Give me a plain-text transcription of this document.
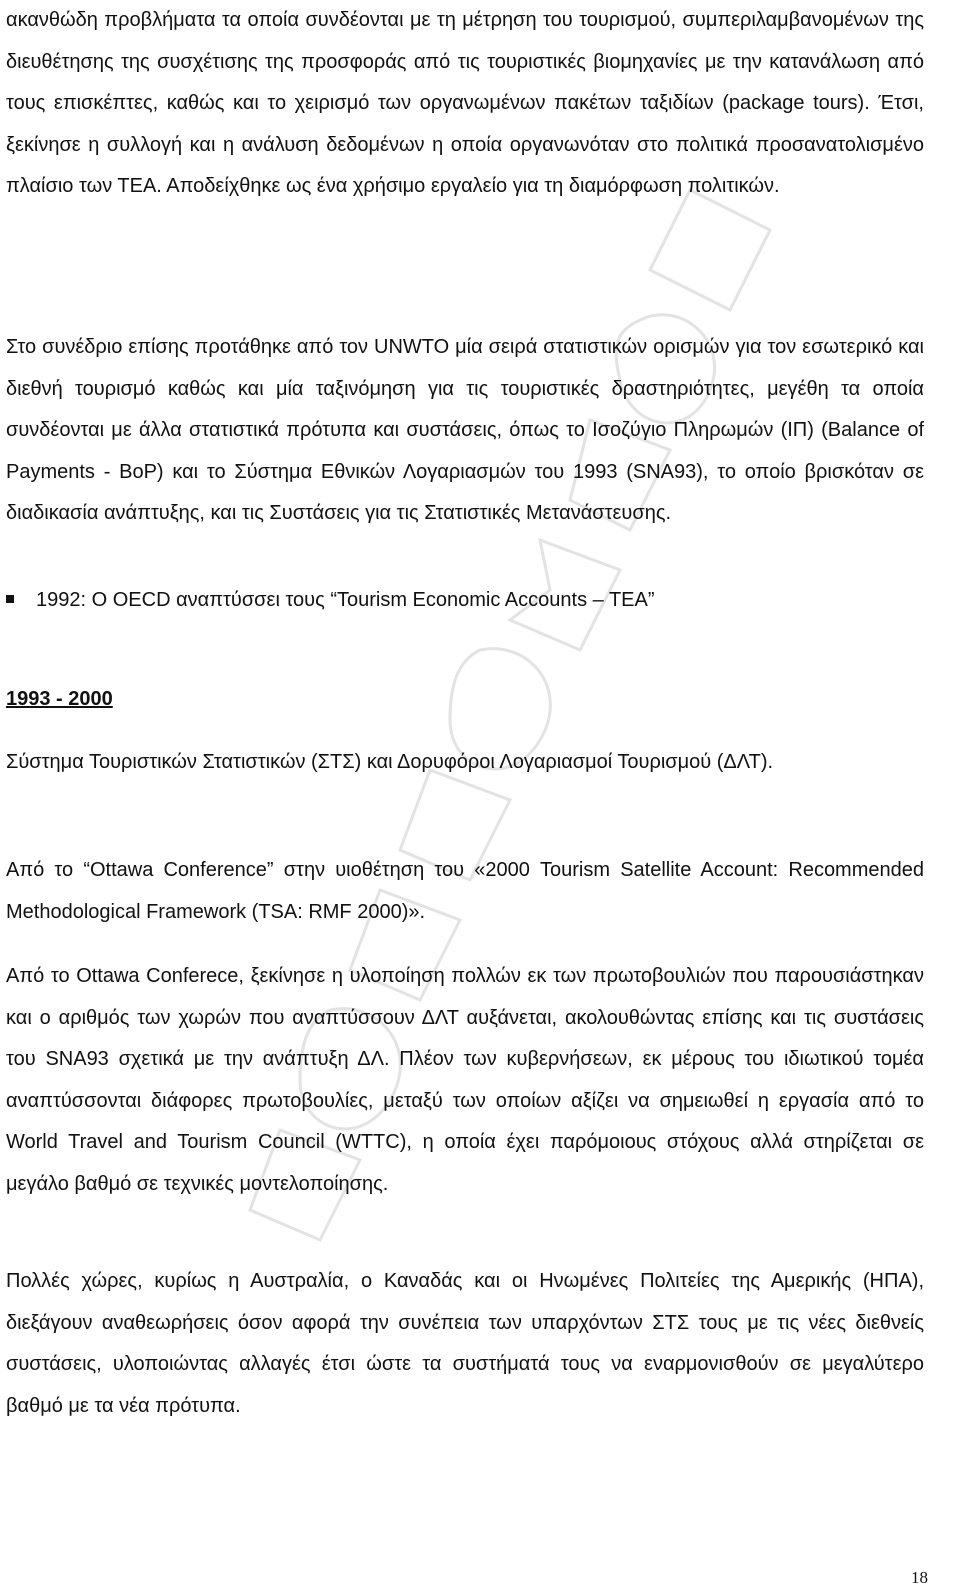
ακανθώδη προβλήματα τα οποία συνδέονται με τη μέτρηση του τουρισμού, συμπεριλαμβανομένων της διευθέτησης της συσχέτισης της προσφοράς από τις τουριστικές βιομηχανίες με την κατανάλωση από τους επισκέπτες, καθώς και το χειρισμό των οργανωμένων πακέτων ταξιδίων (package tours). Έτσι, ξεκίνησε η συλλογή και η ανάλυση δεδομένων η οποία οργανωνόταν στο πολιτικά προσανατολισμένο πλαίσιο των ΤΕΑ. Αποδείχθηκε ως ένα χρήσιμο εργαλείο για τη διαμόρφωση πολιτικών.

Στο συνέδριο επίσης προτάθηκε από τον UNWTO μία σειρά στατιστικών ορισμών για τον εσωτερικό και διεθνή τουρισμό καθώς και μία ταξινόμηση για τις τουριστικές δραστηριότητες, μεγέθη τα οποία συνδέονται με άλλα στατιστικά πρότυπα και συστάσεις, όπως το Ισοζύγιο Πληρωμών (ΙΠ) (Balance of Payments - BoP) και το Σύστημα Εθνικών Λογαριασμών του 1993 (SNA93), το οποίο βρισκόταν σε διαδικασία ανάπτυξης, και τις Συστάσεις για τις Στατιστικές Μετανάστευσης.

1992: Ο OECD αναπτύσσει τους “Tourism Economic Accounts – TEA”
1993 - 2000

Σύστημα Τουριστικών Στατιστικών (ΣΤΣ) και Δορυφόροι Λογαριασμοί Τουρισμού (ΔΛΤ).

Από το “Ottawa Conference” στην υιοθέτηση του «2000 Tourism Satellite Account: Recommended Methodological Framework (TSA: RMF 2000)».

Από το Ottawa Conferece, ξεκίνησε η υλοποίηση πολλών εκ των πρωτοβουλιών που παρουσιάστηκαν και ο αριθμός των χωρών που αναπτύσσουν ΔΛΤ αυξάνεται, ακολουθώντας επίσης και τις συστάσεις του SNA93 σχετικά με την ανάπτυξη ΔΛ. Πλέον των κυβερνήσεων, εκ μέρους του ιδιωτικού τομέα αναπτύσσονται διάφορες πρωτοβουλίες, μεταξύ των οποίων αξίζει να σημειωθεί η εργασία από το World Travel and Tourism Council (WTTC), η οποία έχει παρόμοιους στόχους αλλά στηρίζεται σε μεγάλο βαθμό σε τεχνικές μοντελοποίησης.

Πολλές χώρες, κυρίως η Αυστραλία, ο Καναδάς και οι Ηνωμένες Πολιτείες της Αμερικής (ΗΠΑ), διεξάγουν αναθεωρήσεις όσον αφορά την συνέπεια των υπαρχόντων ΣΤΣ τους με τις νέες διεθνείς συστάσεις, υλοποιώντας αλλαγές έτσι ώστε τα συστήματά τους να εναρμονισθούν σε μεγαλύτερο βαθμό με τα νέα πρότυπα.

18
